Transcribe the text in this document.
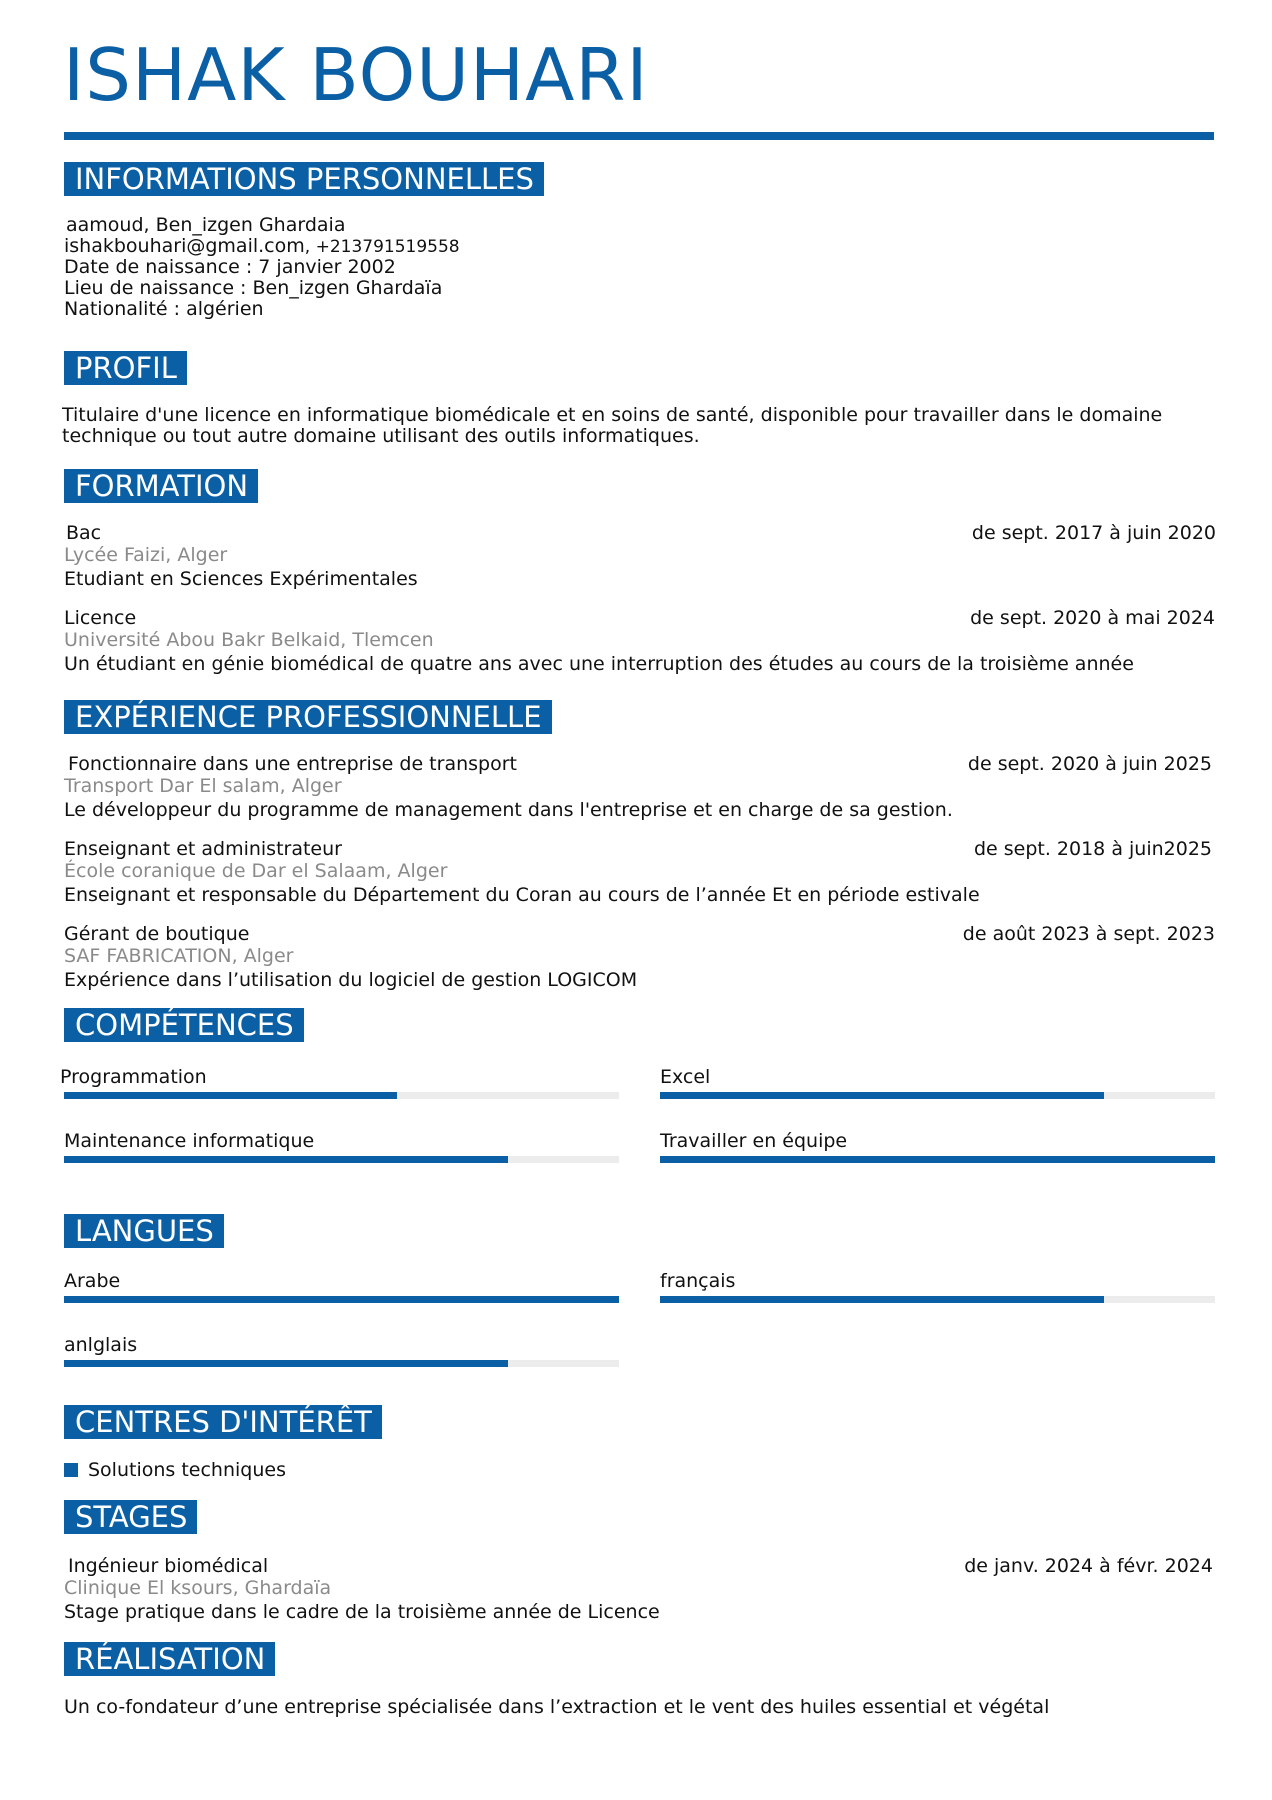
ISHAK BOUHARI
INFORMATIONS PERSONNELLES
aamoud, Ben_izgen Ghardaia
ishakbouhari@gmail.com, +213791519558
Date de naissance : 7 janvier 2002
Lieu de naissance : Ben_izgen Ghardaïa
Nationalité : algérien
PROFIL
Titulaire d'une licence en informatique biomédicale et en soins de santé, disponible pour travailler dans le domaine
technique ou tout autre domaine utilisant des outils informatiques.
FORMATION
Bac	de sept. 2017 à juin 2020
Lycée Faizi, Alger
Etudiant en Sciences Expérimentales
Licence	de sept. 2020 à mai 2024
Université Abou Bakr Belkaid, Tlemcen
Un étudiant en génie biomédical de quatre ans avec une interruption des études au cours de la troisième année
EXPÉRIENCE PROFESSIONNELLE
Fonctionnaire dans une entreprise de transport	de sept. 2020 à juin 2025
Transport Dar El salam, Alger
Le développeur du programme de management dans l'entreprise et en charge de sa gestion.
Enseignant et administrateur	de sept. 2018 à juin2025
École coranique de Dar el Salaam, Alger
Enseignant et responsable du Département du Coran au cours de l’année Et en période estivale
Gérant de boutique	de août 2023 à sept. 2023
SAF FABRICATION, Alger
Expérience dans l’utilisation du logiciel de gestion LOGICOM
COMPÉTENCES
Programmation	Excel
Maintenance informatique	Travailler en équipe
LANGUES
Arabe	français
anlglais
CENTRES D'INTÉRÊT
Solutions techniques
STAGES
Ingénieur biomédical	de janv. 2024 à févr. 2024
Clinique El ksours, Ghardaïa
Stage pratique dans le cadre de la troisième année de Licence
RÉALISATION
Un co-fondateur d’une entreprise spécialisée dans l’extraction et le vent des huiles essential et végétal
